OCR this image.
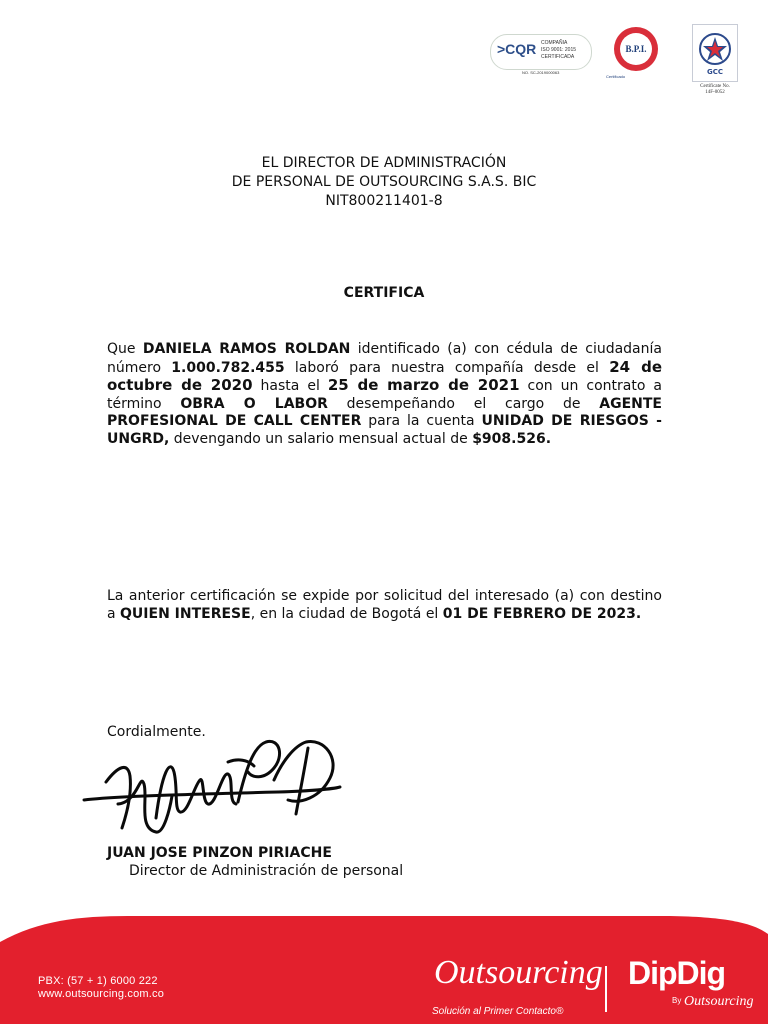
>CQR COMPAÑIA
ISO 9001: 2015
CERTIFICADA
NO. SC-2019000063
B.P.I.
Certificado
GCC
Certificate No.
14F-0052
EL DIRECTOR DE ADMINISTRACIÓN
DE PERSONAL DE OUTSOURCING S.A.S. BIC
NIT800211401-8
CERTIFICA
Que DANIELA RAMOS ROLDAN identificado (a) con cédula de ciudadanía número 1.000.782.455 laboró para nuestra compañía desde el 24 de octubre de 2020 hasta el 25 de marzo de 2021 con un contrato a término OBRA O LABOR desempeñando el cargo de AGENTE PROFESIONAL DE CALL CENTER para la cuenta UNIDAD DE RIESGOS - UNGRD, devengando un salario mensual actual de $908.526.
La anterior certificación se expide por solicitud del interesado (a) con destino a QUIEN INTERESE, en la ciudad de Bogotá el 01 DE FEBRERO DE 2023.
Cordialmente.
JUAN JOSE PINZON PIRIACHE
Director de Administración de personal
PBX: (57 + 1) 6000 222
www.outsourcing.com.co
Outsourcing
Solución al Primer Contacto®
DipDig
By Outsourcing
